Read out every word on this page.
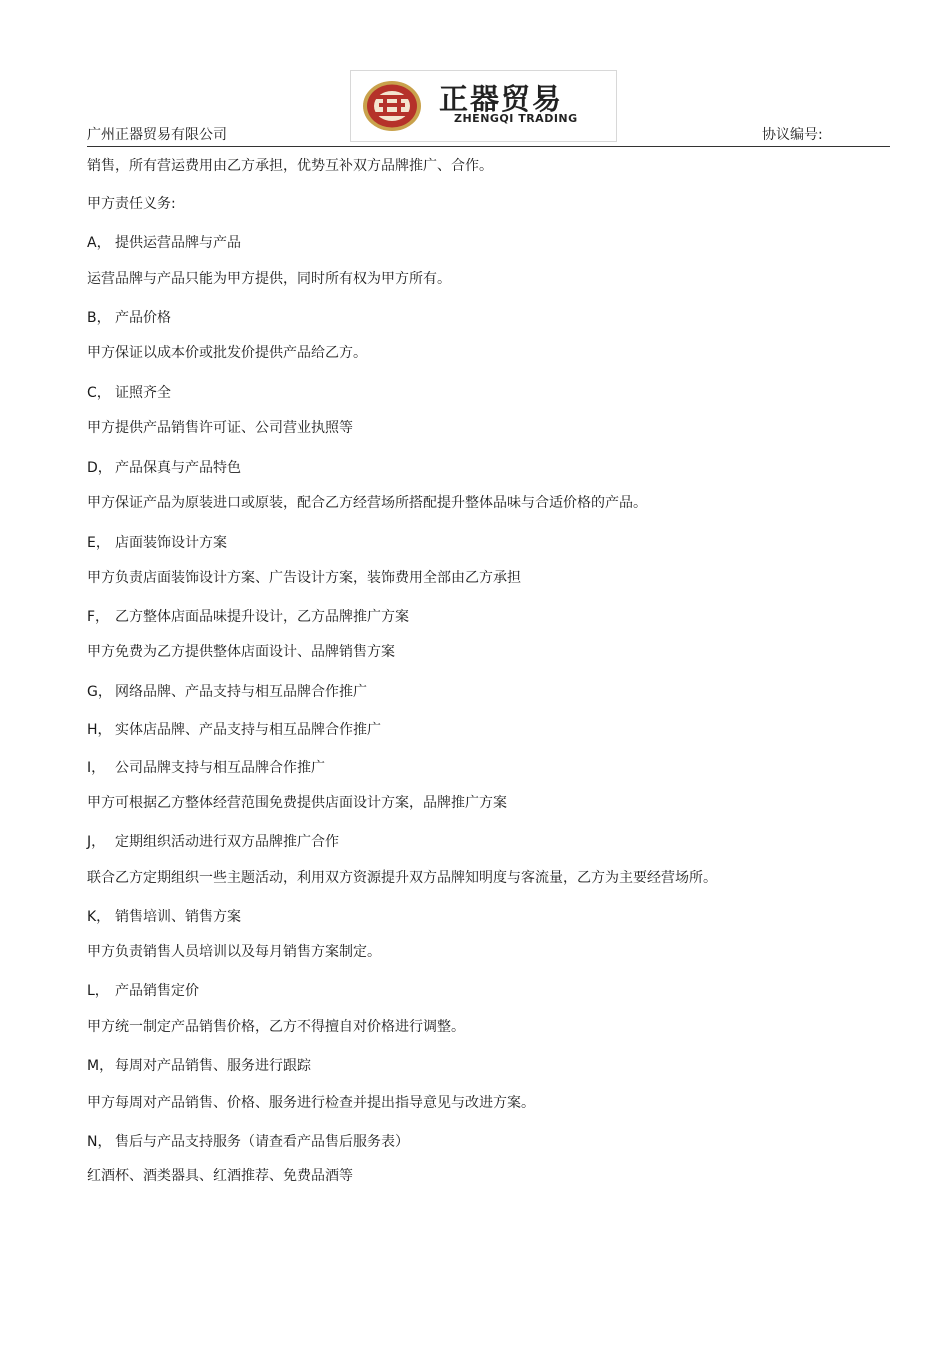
正器贸易
ZHENGQI TRADING
广州正器贸易有限公司	协议编号:
销售，所有营运费用由乙方承担，优势互补双方品牌推广、合作。
甲方责任义务:
A， 提供运营品牌与产品
运营品牌与产品只能为甲方提供，同时所有权为甲方所有。
B， 产品价格
甲方保证以成本价或批发价提供产品给乙方。
C， 证照齐全
甲方提供产品销售许可证、公司营业执照等
D， 产品保真与产品特色
甲方保证产品为原装进口或原装，配合乙方经营场所搭配提升整体品味与合适价格的产品。
E， 店面装饰设计方案
甲方负责店面装饰设计方案、广告设计方案，装饰费用全部由乙方承担
F， 乙方整体店面品味提升设计，乙方品牌推广方案
甲方免费为乙方提供整体店面设计、品牌销售方案
G， 网络品牌、产品支持与相互品牌合作推广
H， 实体店品牌、产品支持与相互品牌合作推广
I， 公司品牌支持与相互品牌合作推广
甲方可根据乙方整体经营范围免费提供店面设计方案，品牌推广方案
J， 定期组织活动进行双方品牌推广合作
联合乙方定期组织一些主题活动，利用双方资源提升双方品牌知明度与客流量，乙方为主要经营场所。
K， 销售培训、销售方案
甲方负责销售人员培训以及每月销售方案制定。
L， 产品销售定价
甲方统一制定产品销售价格，乙方不得擅自对价格进行调整。
M， 每周对产品销售、服务进行跟踪
甲方每周对产品销售、价格、服务进行检查并提出指导意见与改进方案。
N， 售后与产品支持服务（请查看产品售后服务表）
红酒杯、酒类器具、红酒推荐、免费品酒等
